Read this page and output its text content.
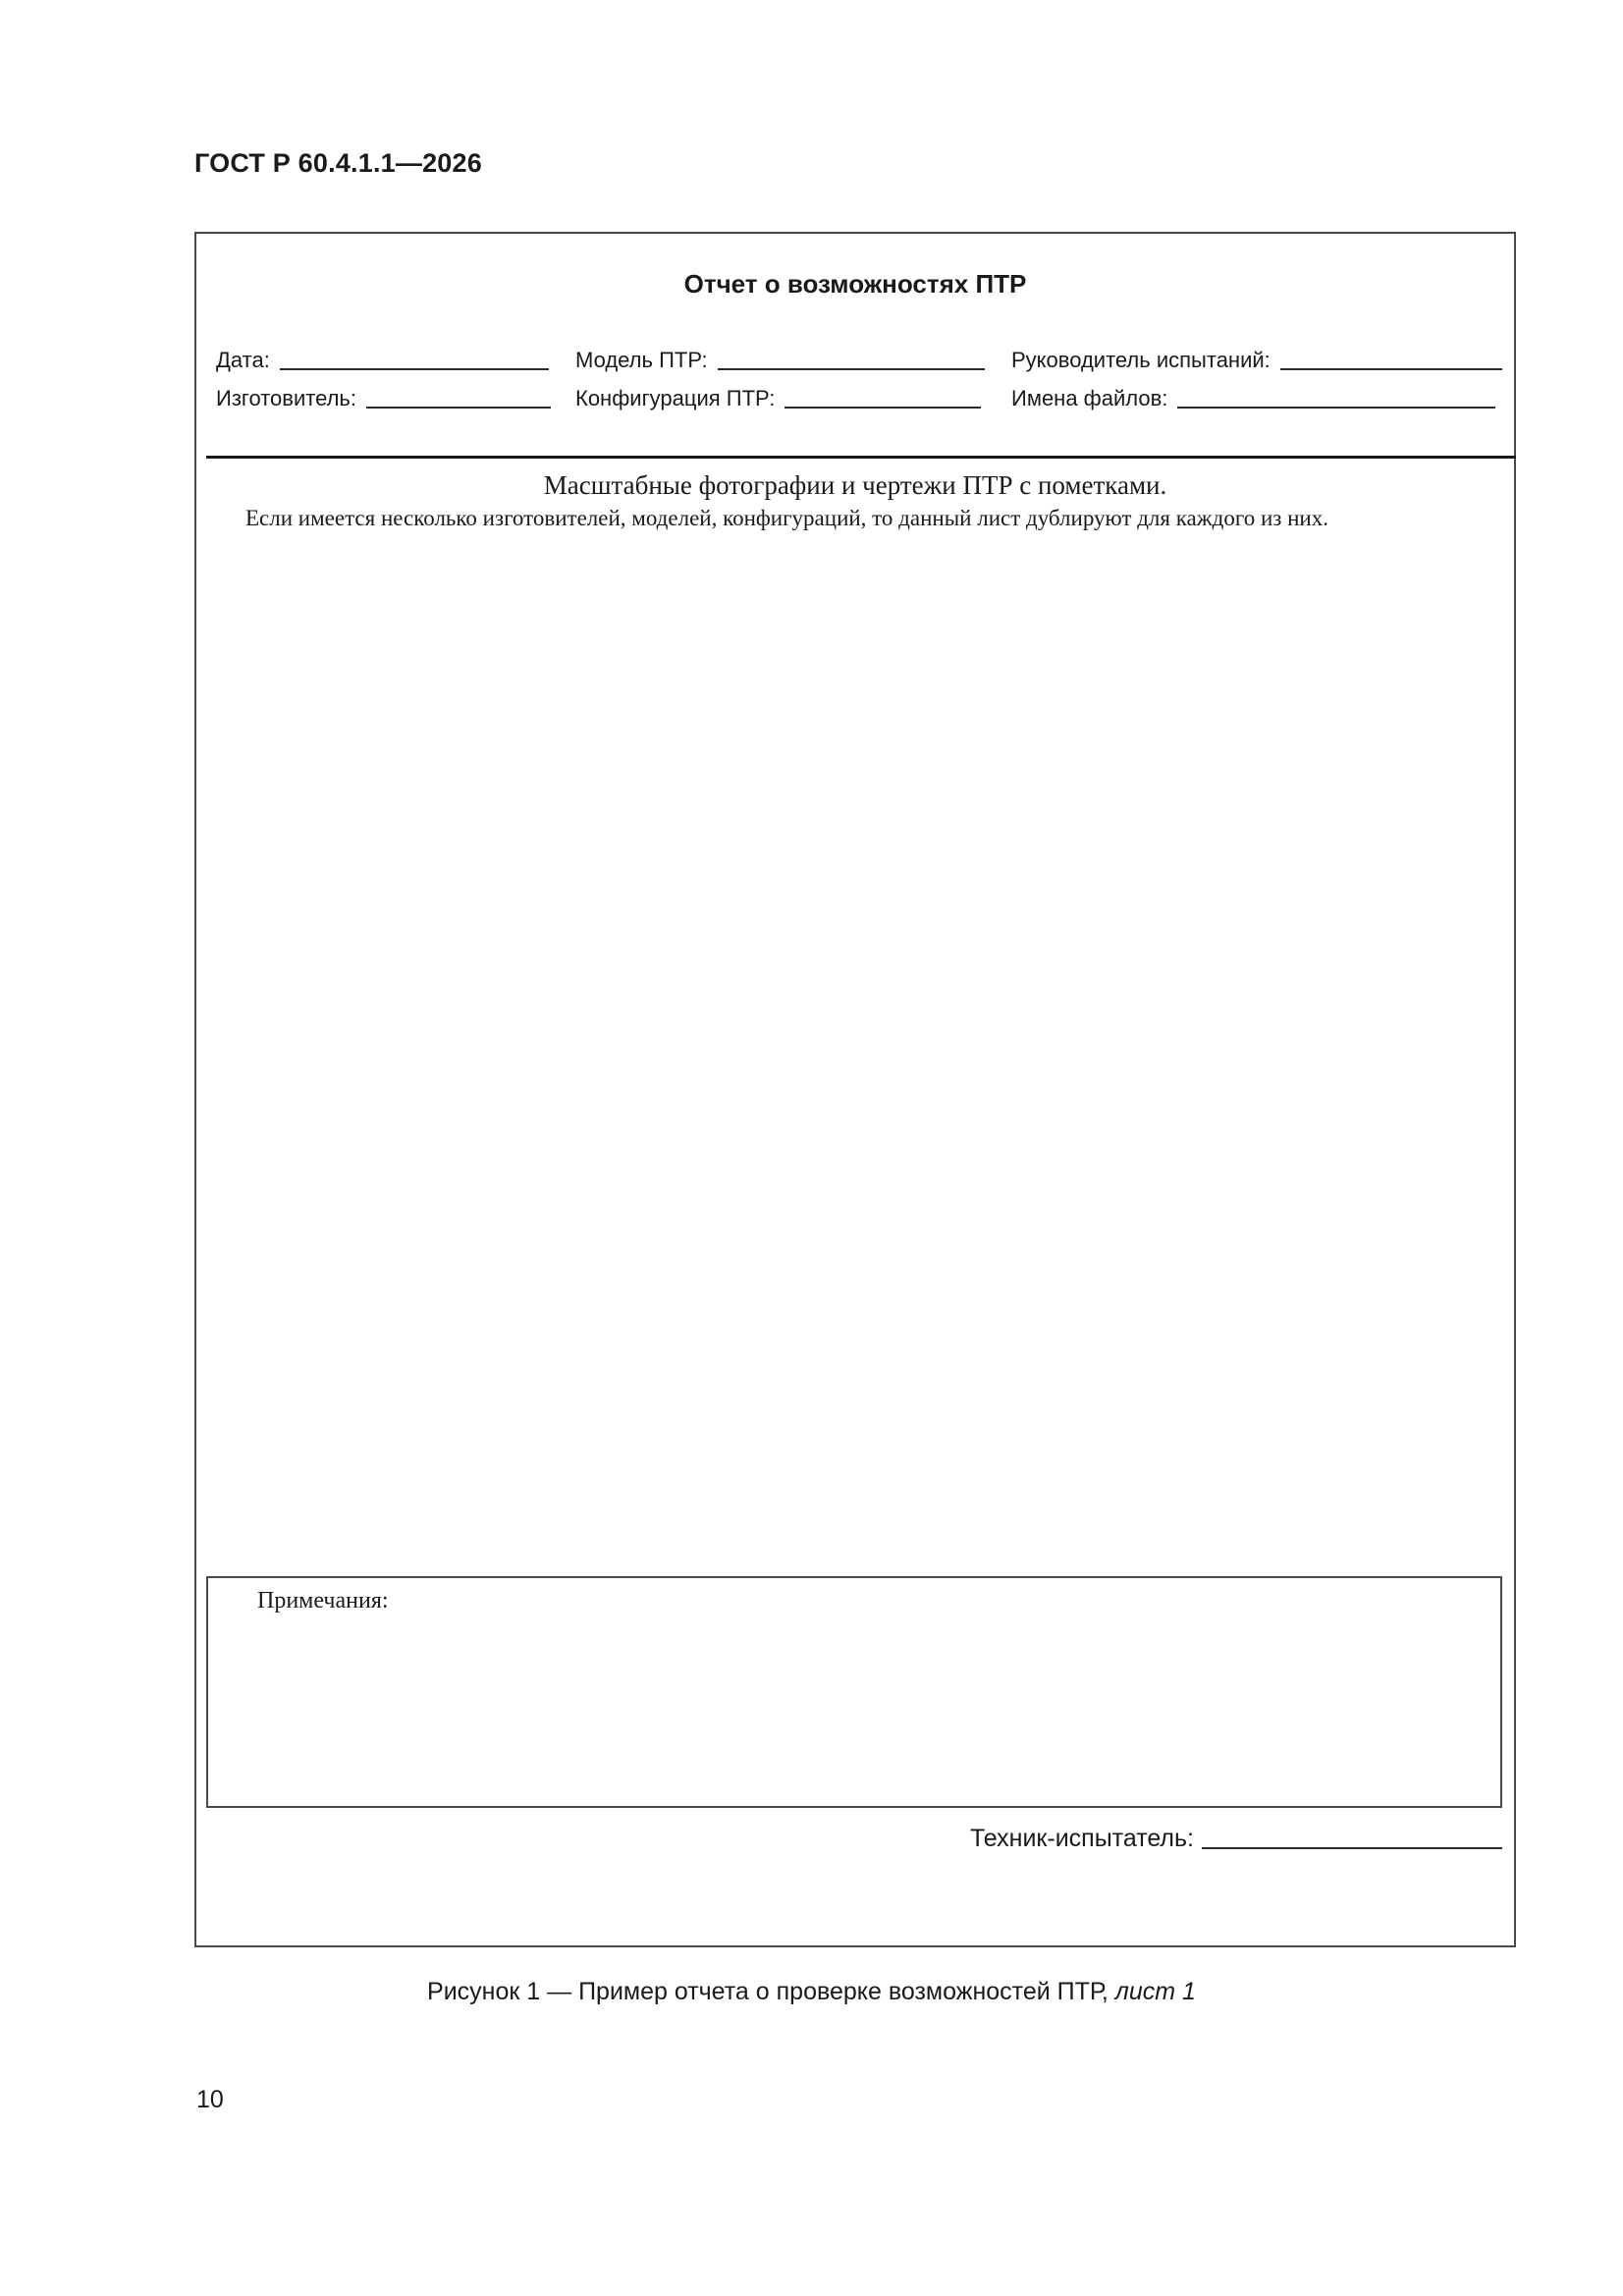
ГОСТ Р 60.4.1.1—2026
Отчет о возможностях ПТР
Дата:	Модель ПТР:	Руководитель испытаний:
Изготовитель:	Конфигурация ПТР:	Имена файлов:
Масштабные фотографии и чертежи ПТР с пометками.
Если имеется несколько изготовителей, моделей, конфигураций, то данный лист дублируют для каждого из них.
Примечания:
Техник-испытатель:
Рисунок 1 — Пример отчета о проверке возможностей ПТР, лист 1
10
